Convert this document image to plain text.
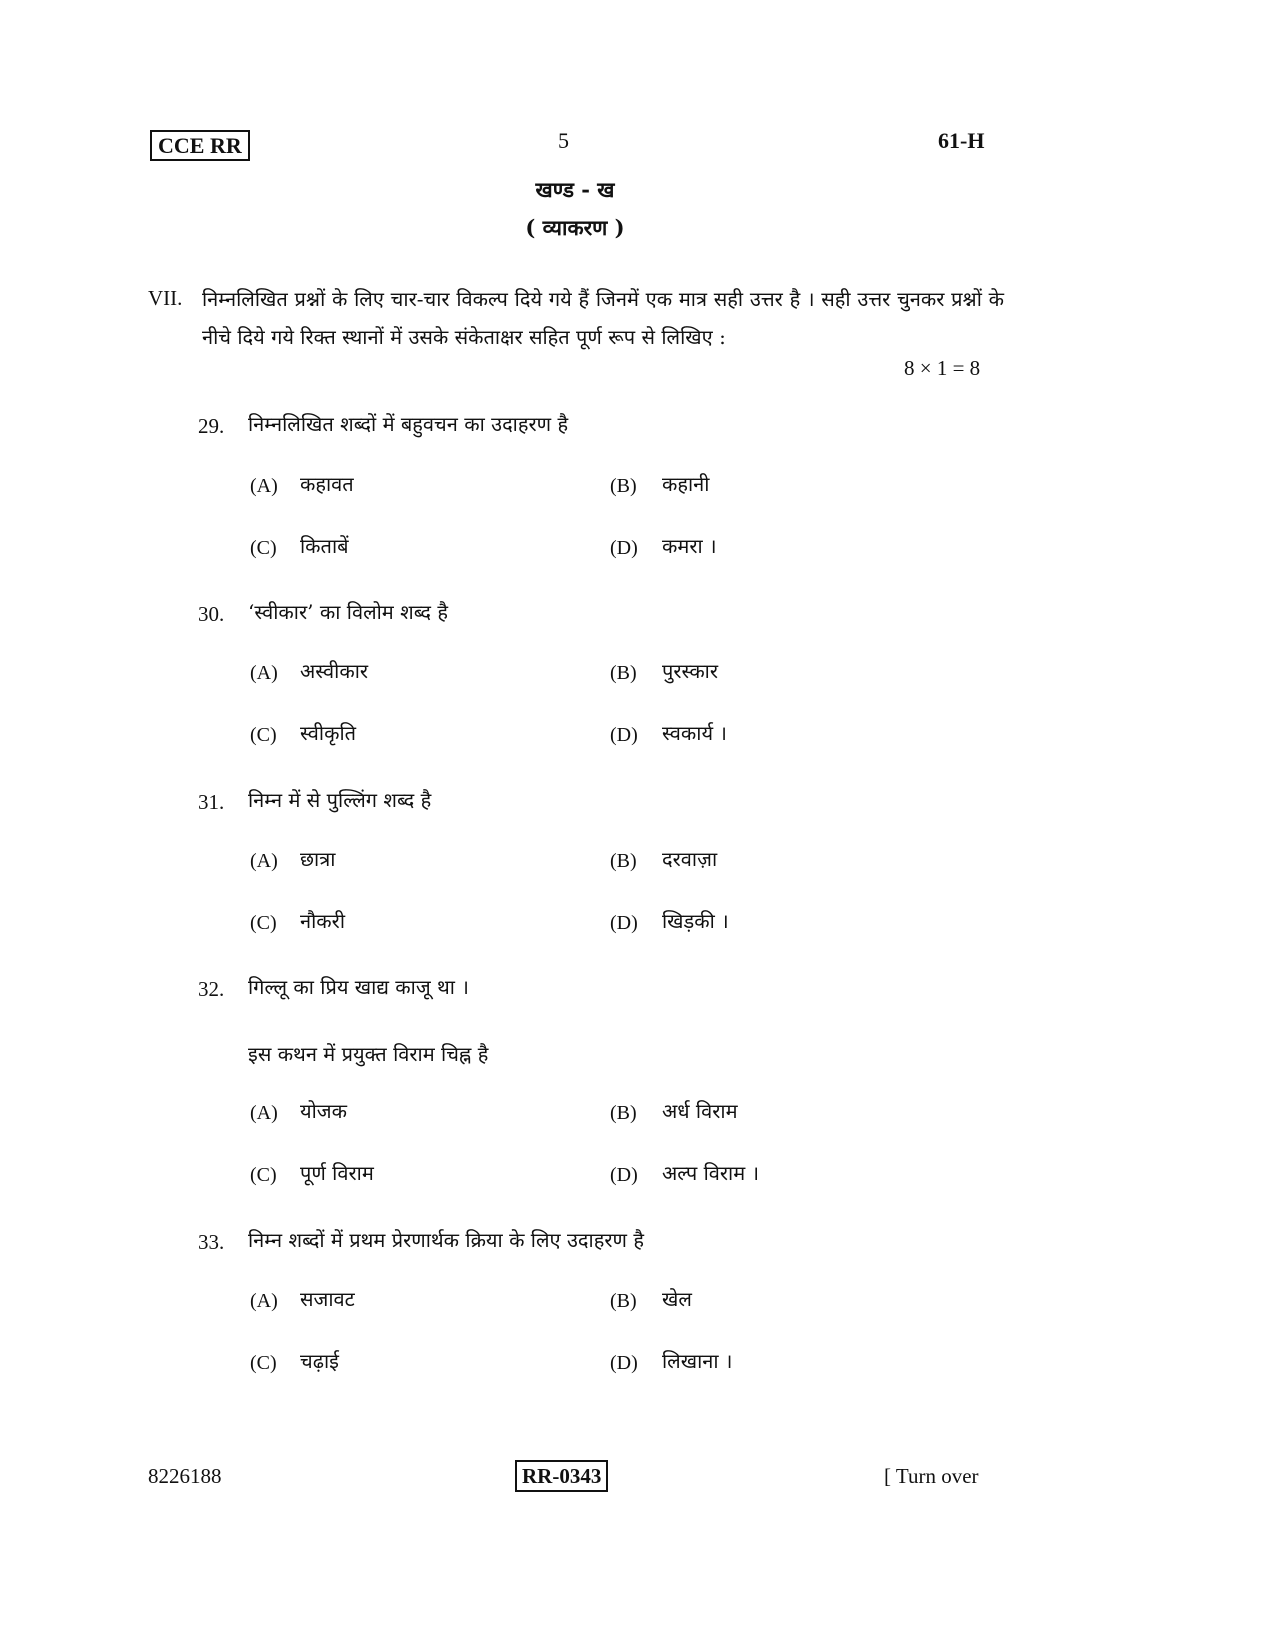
CCE RR	5	61-H
खण्ड - ख
( व्याकरण )
VII. निम्नलिखित प्रश्नों के लिए चार-चार विकल्प दिये गये हैं जिनमें एक मात्र सही उत्तर है । सही उत्तर चुनकर प्रश्नों के नीचे दिये गये रिक्त स्थानों में उसके संकेताक्षर सहित पूर्ण रूप से लिखिए :
8 × 1 = 8
29. निम्नलिखित शब्दों में बहुवचन का उदाहरण है
(A) कहावत	(B) कहानी
(C) किताबें	(D) कमरा ।
30. ‘स्वीकार’ का विलोम शब्द है
(A) अस्वीकार	(B) पुरस्कार
(C) स्वीकृति	(D) स्वकार्य ।
31. निम्न में से पुल्लिंग शब्द है
(A) छात्रा	(B) दरवाज़ा
(C) नौकरी	(D) खिड़की ।
32. गिल्लू का प्रिय खाद्य काजू था ।
इस कथन में प्रयुक्त विराम चिह्न है
(A) योजक	(B) अर्ध विराम
(C) पूर्ण विराम	(D) अल्प विराम ।
33. निम्न शब्दों में प्रथम प्रेरणार्थक क्रिया के लिए उदाहरण है
(A) सजावट	(B) खेल
(C) चढ़ाई	(D) लिखाना ।
8226188	RR-0343	[ Turn over
